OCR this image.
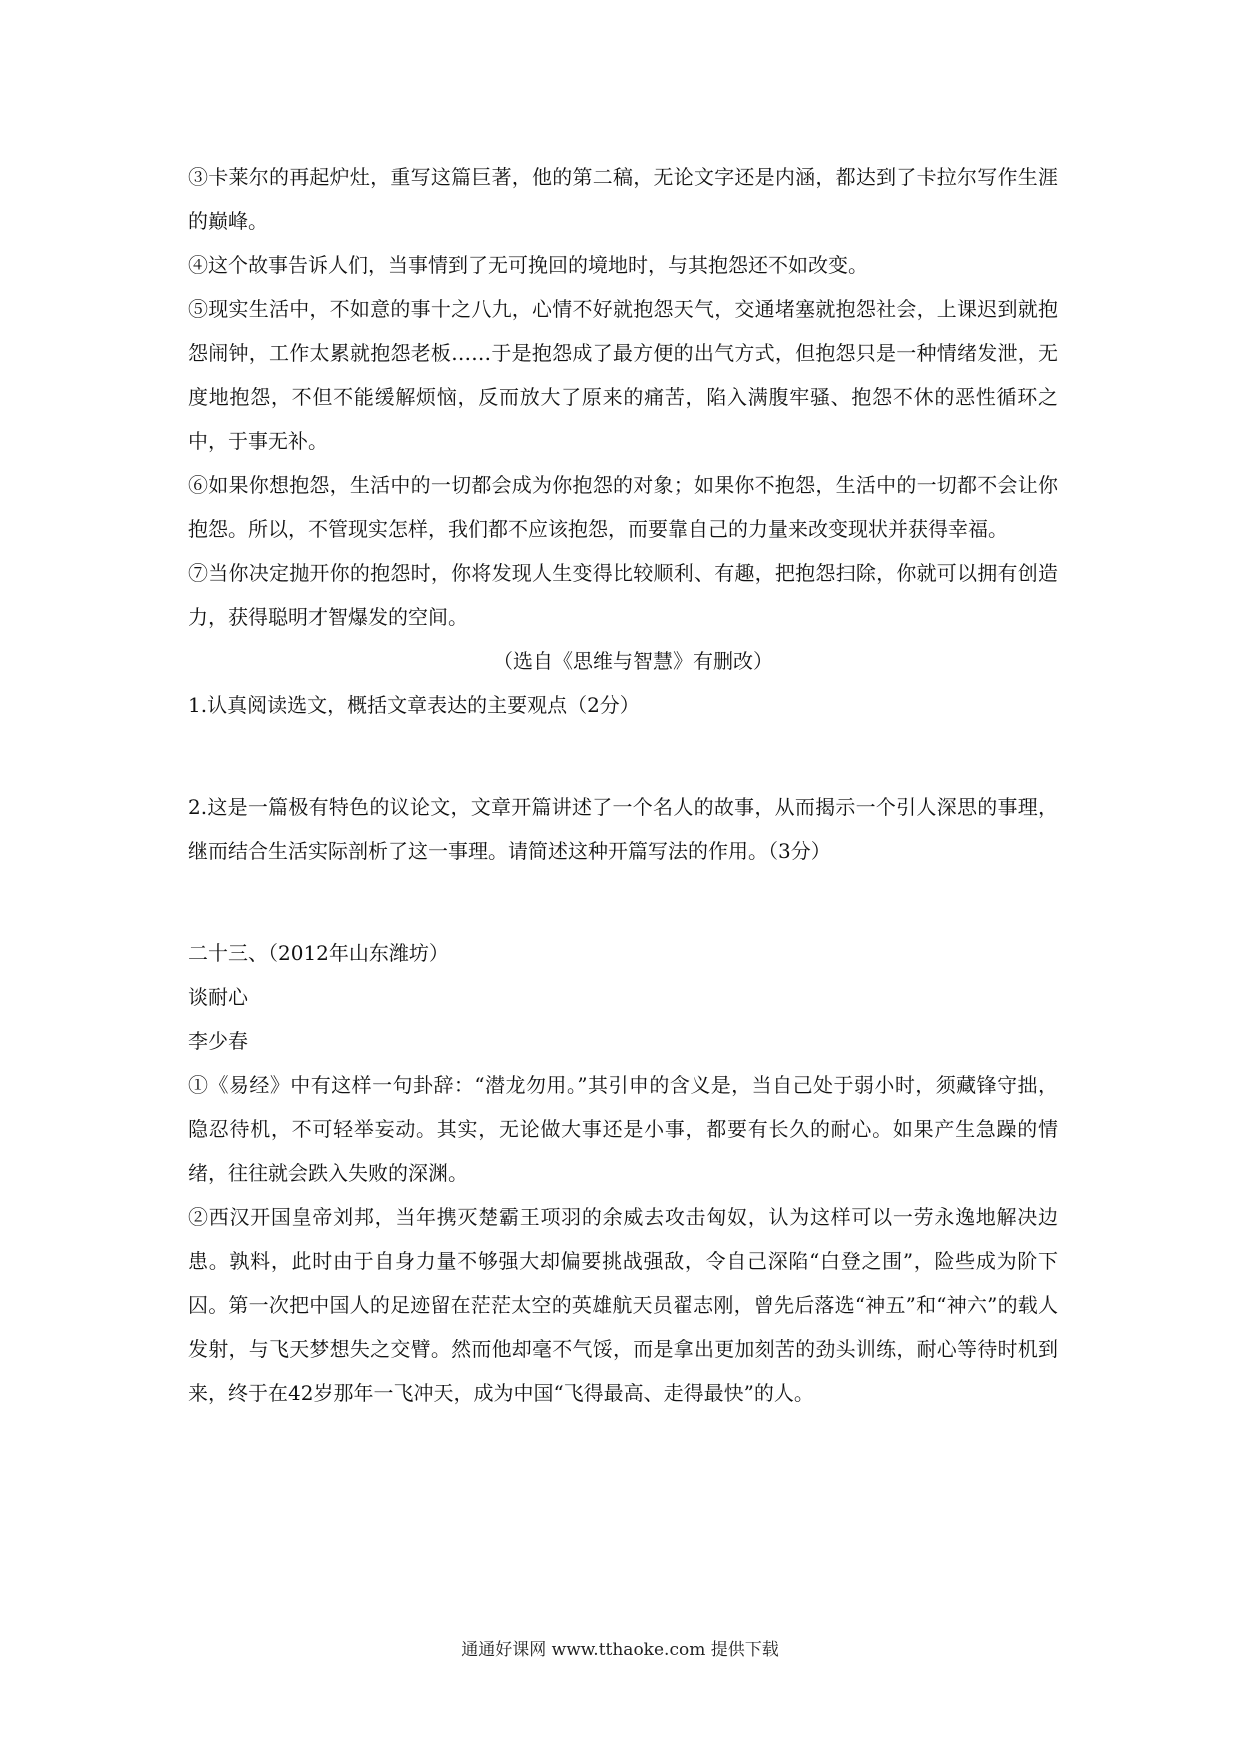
③卡莱尔的再起炉灶，重写这篇巨著，他的第二稿，无论文字还是内涵，都达到了卡拉尔写作生涯的巅峰。

④这个故事告诉人们，当事情到了无可挽回的境地时，与其抱怨还不如改变。

⑤现实生活中，不如意的事十之八九，心情不好就抱怨天气，交通堵塞就抱怨社会，上课迟到就抱怨闹钟，工作太累就抱怨老板……于是抱怨成了最方便的出气方式，但抱怨只是一种情绪发泄，无度地抱怨，不但不能缓解烦恼，反而放大了原来的痛苦，陷入满腹牢骚、抱怨不休的恶性循环之中，于事无补。

⑥如果你想抱怨，生活中的一切都会成为你抱怨的对象；如果你不抱怨，生活中的一切都不会让你抱怨。所以，不管现实怎样，我们都不应该抱怨，而要靠自己的力量来改变现状并获得幸福。

⑦当你决定抛开你的抱怨时，你将发现人生变得比较顺利、有趣，把抱怨扫除，你就可以拥有创造力，获得聪明才智爆发的空间。

（选自《思维与智慧》有删改）

1.认真阅读选文，概括文章表达的主要观点（2分）

2.这是一篇极有特色的议论文，文章开篇讲述了一个名人的故事，从而揭示一个引人深思的事理，继而结合生活实际剖析了这一事理。请简述这种开篇写法的作用。（3分）

二十三、（2012年山东潍坊）

谈耐心

李少春

①《易经》中有这样一句卦辞：“潜龙勿用。”其引申的含义是，当自己处于弱小时，须藏锋守拙，隐忍待机，不可轻举妄动。其实，无论做大事还是小事，都要有长久的耐心。如果产生急躁的情绪，往往就会跌入失败的深渊。

②西汉开国皇帝刘邦，当年携灭楚霸王项羽的余威去攻击匈奴，认为这样可以一劳永逸地解决边患。孰料，此时由于自身力量不够强大却偏要挑战强敌，令自己深陷“白登之围”，险些成为阶下囚。第一次把中国人的足迹留在茫茫太空的英雄航天员翟志刚，曾先后落选“神五”和“神六”的载人发射，与飞天梦想失之交臂。然而他却毫不气馁，而是拿出更加刻苦的劲头训练，耐心等待时机到来，终于在42岁那年一飞冲天，成为中国“飞得最高、走得最快”的人。

通通好课网 www.tthaoke.com 提供下载
